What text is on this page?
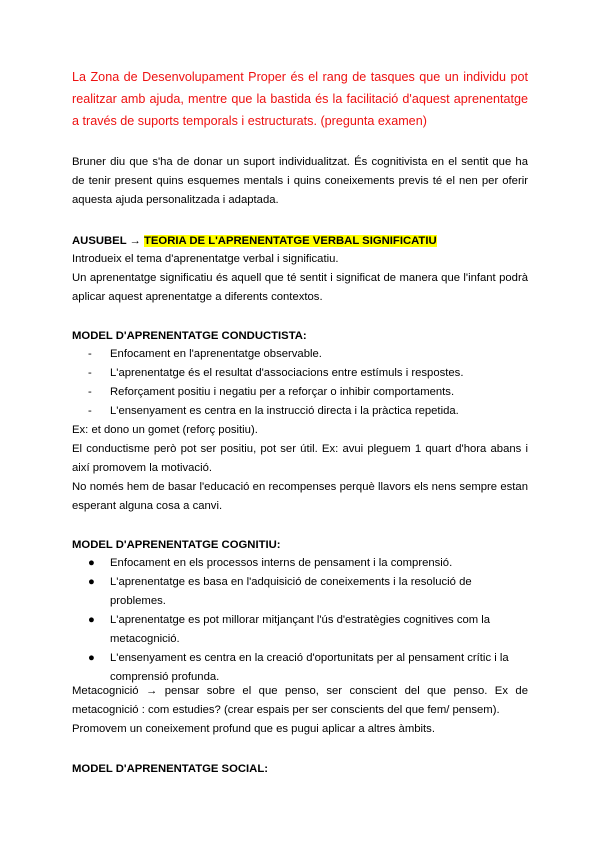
La Zona de Desenvolupament Proper és el rang de tasques que un individu pot realitzar amb ajuda, mentre que la bastida és la facilitació d'aquest aprenentatge a través de suports temporals i estructurats. (pregunta examen)

Bruner diu que s'ha de donar un suport individualitzat. És cognitivista en el sentit que ha de tenir present quins esquemes mentals i quins coneixements previs té el nen per oferir aquesta ajuda personalitzada i adaptada.

AUSUBEL → TEORIA DE L'APRENENTATGE VERBAL SIGNIFICATIU

Introdueix el tema d'aprenentatge verbal i significatiu.

Un aprenentatge significatiu és aquell que té sentit i significat de manera que l'infant podrà aplicar aquest aprenentatge a diferents contextos.

MODEL D'APRENENTATGE CONDUCTISTA:

-	Enfocament en l'aprenentatge observable.
-	L'aprenentatge és el resultat d'associacions entre estímuls i respostes.
-	Reforçament positiu i negatiu per a reforçar o inhibir comportaments.
-	L'ensenyament es centra en la instrucció directa i la pràctica repetida.

Ex: et dono un gomet (reforç positiu).

El conductisme però pot ser positiu, pot ser útil. Ex: avui pleguem 1 quart d'hora abans i així promovem la motivació.

No només hem de basar l'educació en recompenses perquè llavors els nens sempre estan esperant alguna cosa a canvi.

MODEL D'APRENENTATGE COGNITIU:

●	Enfocament en els processos interns de pensament i la comprensió.
●	L'aprenentatge es basa en l'adquisició de coneixements i la resolució de problemes.
●	L'aprenentatge es pot millorar mitjançant l'ús d'estratègies cognitives com la metacognició.
●	L'ensenyament es centra en la creació d'oportunitats per al pensament crític i la comprensió profunda.

Metacognició → pensar sobre el que penso, ser conscient del que penso. Ex de metacognició : com estudies? (crear espais per ser conscients del que fem/ pensem).

Promovem un coneixement profund que es pugui aplicar a altres àmbits.

MODEL D'APRENENTATGE SOCIAL:
